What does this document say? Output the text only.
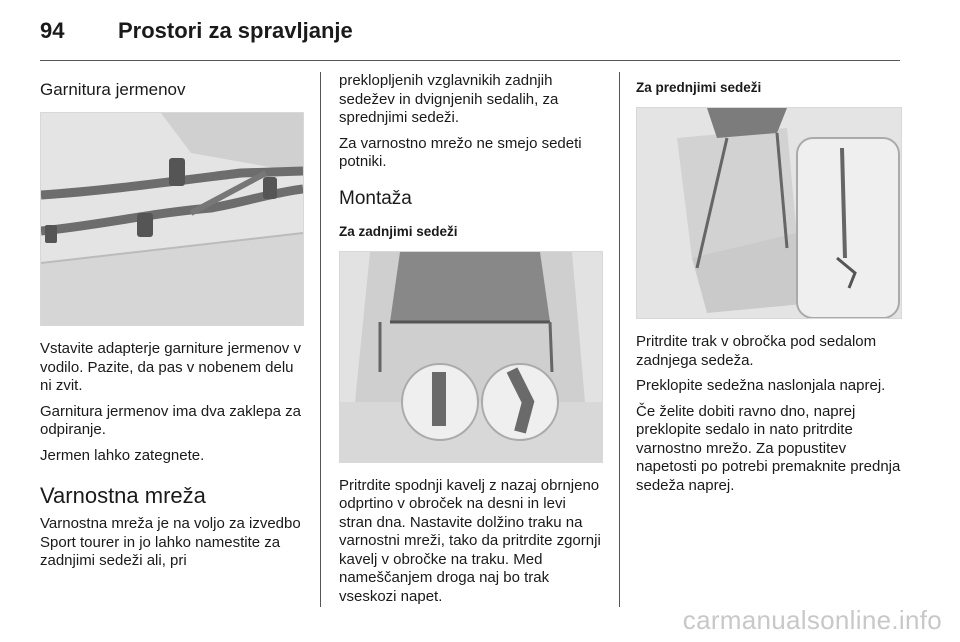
94 Prostori za spravljanje
Garnitura jermenov

Vstavite adapterje garniture jermenov v vodilo. Pazite, da pas v nobenem delu ni zvit.

Garnitura jermenov ima dva zaklepa za odpiranje.

Jermen lahko zategnete.

Varnostna mreža

Varnostna mreža je na voljo za izvedbo Sport tourer in jo lahko namestite za zadnjimi sedeži ali, pri

preklopljenih vzglavnikih zadnjih sedežev in dvignjenih sedalih, za sprednjimi sedeži.

Za varnostno mrežo ne smejo sedeti potniki.

Montaža
Za zadnjimi sedeži

Pritrdite spodnji kavelj z nazaj obrnjeno odprtino v obroček na desni in levi stran dna. Nastavite dolžino traku na varnostni mreži, tako da pritrdite zgornji kavelj v obročke na traku. Med nameščanjem droga naj bo trak vseskozi napet.

Za prednjimi sedeži

Pritrdite trak v obročka pod sedalom zadnjega sedeža.

Preklopite sedežna naslonjala naprej.

Če želite dobiti ravno dno, naprej preklopite sedalo in nato pritrdite varnostno mrežo. Za popustitev napetosti po potrebi premaknite prednja sedeža naprej.

carmanualsonline.info
